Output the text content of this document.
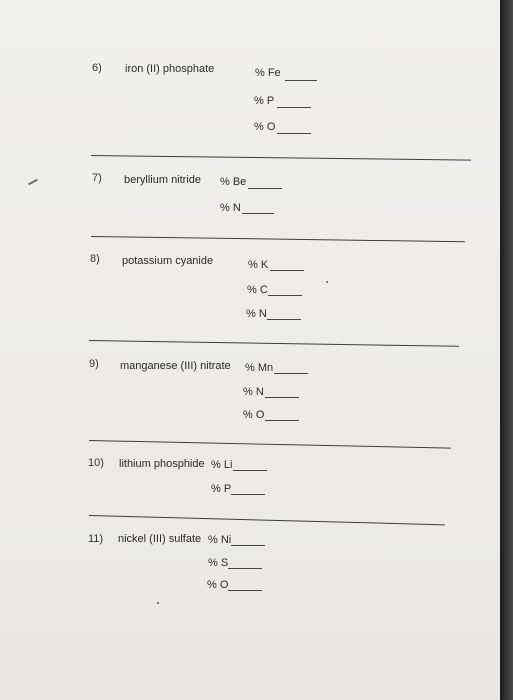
6) iron (II) phosphate	% Fe
% P
% O
7) beryllium nitride % Be
% N
8) potassium cyanide	% K
% C
% N
9) manganese (III) nitrate % Mn
% N
% O
10) lithium phosphide % Li
% P
11) nickel (III) sulfate % Ni
% S
% O
